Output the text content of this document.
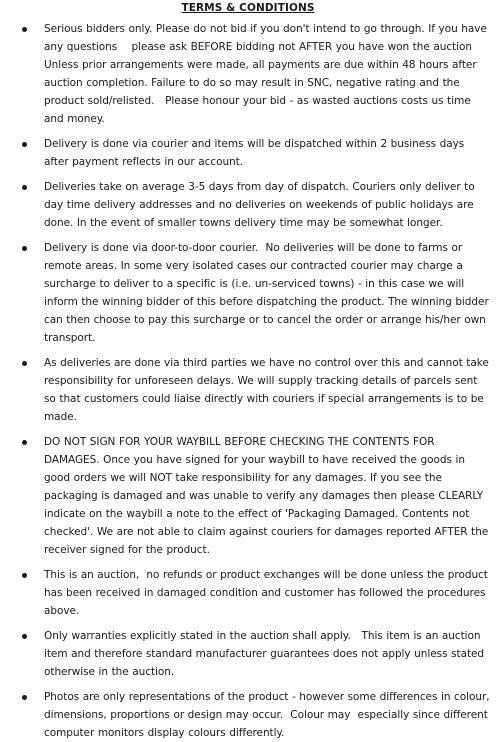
TERMS & CONDITIONS
Serious bidders only. Please do not bid if you don't intend to go through. If you have any questions    please ask BEFORE bidding not AFTER you have won the auction Unless prior arrangements were made, all payments are due within 48 hours after auction completion. Failure to do so may result in SNC, negative rating and the product sold/relisted.   Please honour your bid - as wasted auctions costs us time and money.
Delivery is done via courier and items will be dispatched within 2 business days after payment reflects in our account.
Deliveries take on average 3-5 days from day of dispatch. Couriers only deliver to day time delivery addresses and no deliveries on weekends of public holidays are done. In the event of smaller towns delivery time may be somewhat longer.
Delivery is done via door-to-door courier.  No deliveries will be done to farms or remote areas. In some very isolated cases our contracted courier may charge a surcharge to deliver to a specific is (i.e. un-serviced towns) - in this case we will inform the winning bidder of this before dispatching the product. The winning bidder can then choose to pay this surcharge or to cancel the order or arrange his/her own transport.
As deliveries are done via third parties we have no control over this and cannot take responsibility for unforeseen delays. We will supply tracking details of parcels sent so that customers could liaise directly with couriers if special arrangements is to be made.
DO NOT SIGN FOR YOUR WAYBILL BEFORE CHECKING THE CONTENTS FOR DAMAGES. Once you have signed for your waybill to have received the goods in good orders we will NOT take responsibility for any damages. If you see the packaging is damaged and was unable to verify any damages then please CLEARLY indicate on the waybill a note to the effect of 'Packaging Damaged. Contents not checked'. We are not able to claim against couriers for damages reported AFTER the receiver signed for the product.
This is an auction,  no refunds or product exchanges will be done unless the product has been received in damaged condition and customer has followed the procedures above.
Only warranties explicitly stated in the auction shall apply.   This item is an auction item and therefore standard manufacturer guarantees does not apply unless stated otherwise in the auction.
Photos are only representations of the product - however some differences in colour, dimensions, proportions or design may occur.  Colour may  especially since different computer monitors display colours differently.
